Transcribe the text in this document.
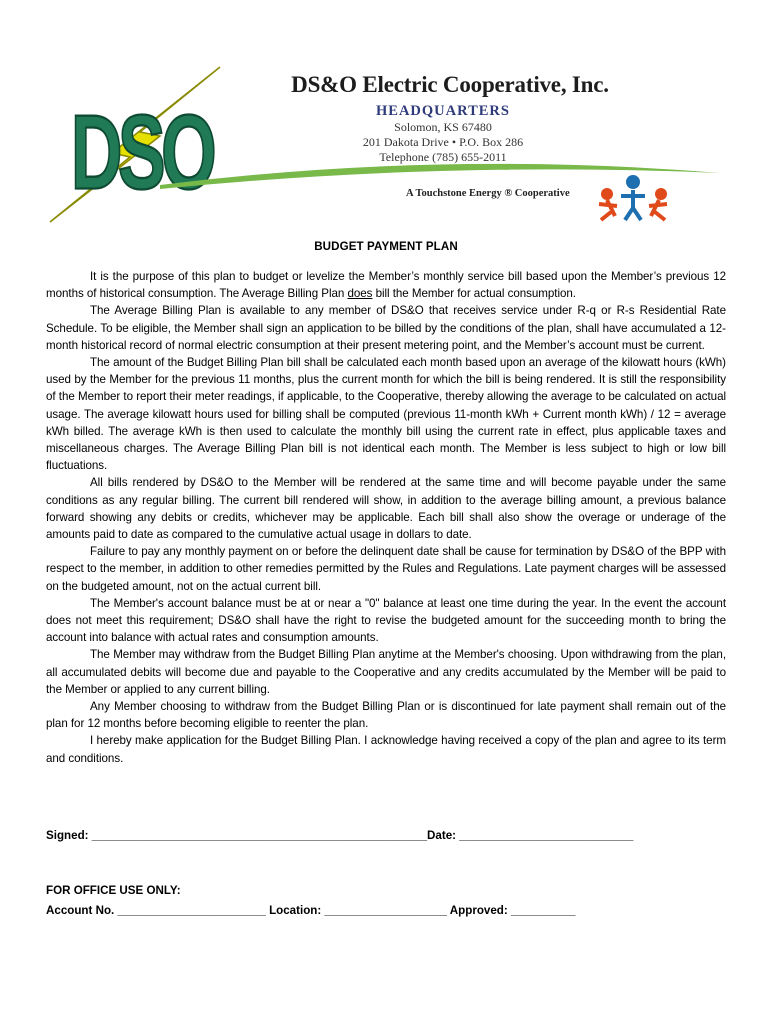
DSO
DS&O Electric Cooperative, Inc.
HEADQUARTERS
Solomon, KS 67480
201 Dakota Drive • P.O. Box 286
Telephone (785) 655-2011
A Touchstone Energy ® Cooperative
BUDGET PAYMENT PLAN

It is the purpose of this plan to budget or levelize the Member’s monthly service bill based upon the Member’s previous 12 months of historical consumption. The Average Billing Plan does bill the Member for actual consumption.

The Average Billing Plan is available to any member of DS&O that receives service under R-q or R-s Residential Rate Schedule. To be eligible, the Member shall sign an application to be billed by the conditions of the plan, shall have accumulated a 12-month historical record of normal electric consumption at their present metering point, and the Member’s account must be current.

The amount of the Budget Billing Plan bill shall be calculated each month based upon an average of the kilowatt hours (kWh) used by the Member for the previous 11 months, plus the current month for which the bill is being rendered. It is still the responsibility of the Member to report their meter readings, if applicable, to the Cooperative, thereby allowing the average to be calculated on actual usage. The average kilowatt hours used for billing shall be computed (previous 11-month kWh + Current month kWh) / 12 = average kWh billed. The average kWh is then used to calculate the monthly bill using the current rate in effect, plus applicable taxes and miscellaneous charges. The Average Billing Plan bill is not identical each month. The Member is less subject to high or low bill fluctuations.

All bills rendered by DS&O to the Member will be rendered at the same time and will become payable under the same conditions as any regular billing. The current bill rendered will show, in addition to the average billing amount, a previous balance forward showing any debits or credits, whichever may be applicable. Each bill shall also show the overage or underage of the amounts paid to date as compared to the cumulative actual usage in dollars to date.

Failure to pay any monthly payment on or before the delinquent date shall be cause for termination by DS&O of the BPP with respect to the member, in addition to other remedies permitted by the Rules and Regulations. Late payment charges will be assessed on the budgeted amount, not on the actual current bill.

The Member's account balance must be at or near a "0" balance at least one time during the year. In the event the account does not meet this requirement; DS&O shall have the right to revise the budgeted amount for the succeeding month to bring the account into balance with actual rates and consumption amounts.

The Member may withdraw from the Budget Billing Plan anytime at the Member's choosing. Upon withdrawing from the plan, all accumulated debits will become due and payable to the Cooperative and any credits accumulated by the Member will be paid to the Member or applied to any current billing.

Any Member choosing to withdraw from the Budget Billing Plan or is discontinued for late payment shall remain out of the plan for 12 months before becoming eligible to reenter the plan.

I hereby make application for the Budget Billing Plan. I acknowledge having received a copy of the plan and agree to its term and conditions.

Signed: ____________________________________________________Date: ___________________________
FOR OFFICE USE ONLY:
Account No. _______________________ Location: ___________________ Approved: __________
